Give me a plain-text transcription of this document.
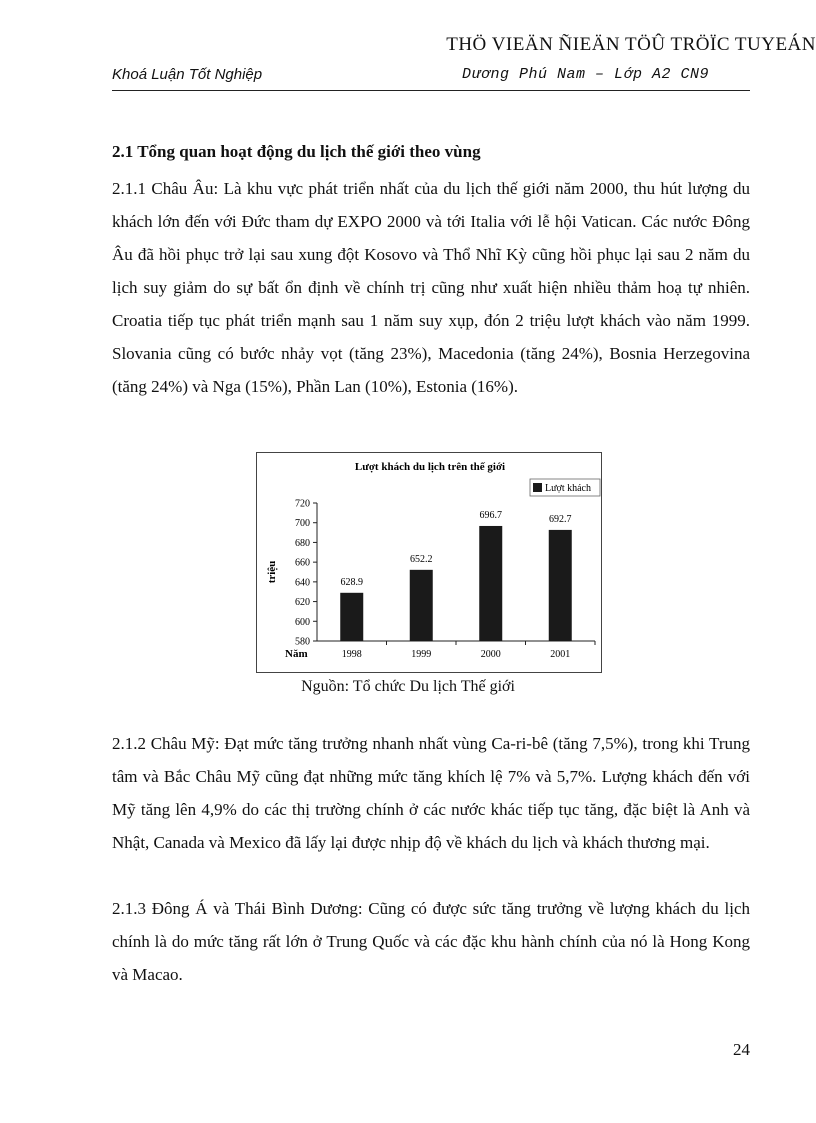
THÖ VIEÄN ÑIEÄN TÖÛ TRÖÏC TUYEÁN
Khoá Luận Tốt Nghiệp	Dương Phú Nam – Lớp A2 CN9
2.1 Tổng quan hoạt động du lịch thế giới theo vùng

2.1.1 Châu Âu: Là khu vực phát triển nhất của du lịch thế giới năm 2000, thu hút lượng du khách lớn đến với Đức tham dự EXPO 2000 và tới Italia với lễ hội Vatican. Các nước Đông Âu đã hồi phục trở lại sau xung đột Kosovo và Thổ Nhĩ Kỳ cũng hồi phục lại sau 2 năm du lịch suy giảm do sự bất ổn định về chính trị cũng như xuất hiện nhiều thảm hoạ tự nhiên. Croatia tiếp tục phát triển mạnh sau 1 năm suy xụp, đón 2 triệu lượt khách vào năm 1999. Slovania cũng có bước nhảy vọt (tăng 23%), Macedonia (tăng 24%), Bosnia Herzegovina (tăng 24%) và Nga (15%), Phần Lan (10%), Estonia (16%).

Lượt khách du lịch trên thế giới
Lượt khách
580
600
620
640
660
680
700
720
triệu	628.9
1998
652.2
1999
696.7
2000
692.7
2001
Năm
Nguồn: Tổ chức Du lịch Thế giới

2.1.2 Châu Mỹ: Đạt mức tăng trưởng nhanh nhất vùng Ca-ri-bê (tăng 7,5%), trong khi Trung tâm và Bắc Châu Mỹ cũng đạt những mức tăng khích lệ 7% và 5,7%. Lượng khách đến với Mỹ tăng lên 4,9% do các thị trường chính ở các nước khác tiếp tục tăng, đặc biệt là Anh và Nhật, Canada và Mexico đã lấy lại được nhịp độ về khách du lịch và khách thương mại.

2.1.3 Đông Á và Thái Bình Dương: Cũng có được sức tăng trưởng về lượng khách du lịch chính là do mức tăng rất lớn ở Trung Quốc và các đặc khu hành chính của nó là Hong Kong và Macao.

24
